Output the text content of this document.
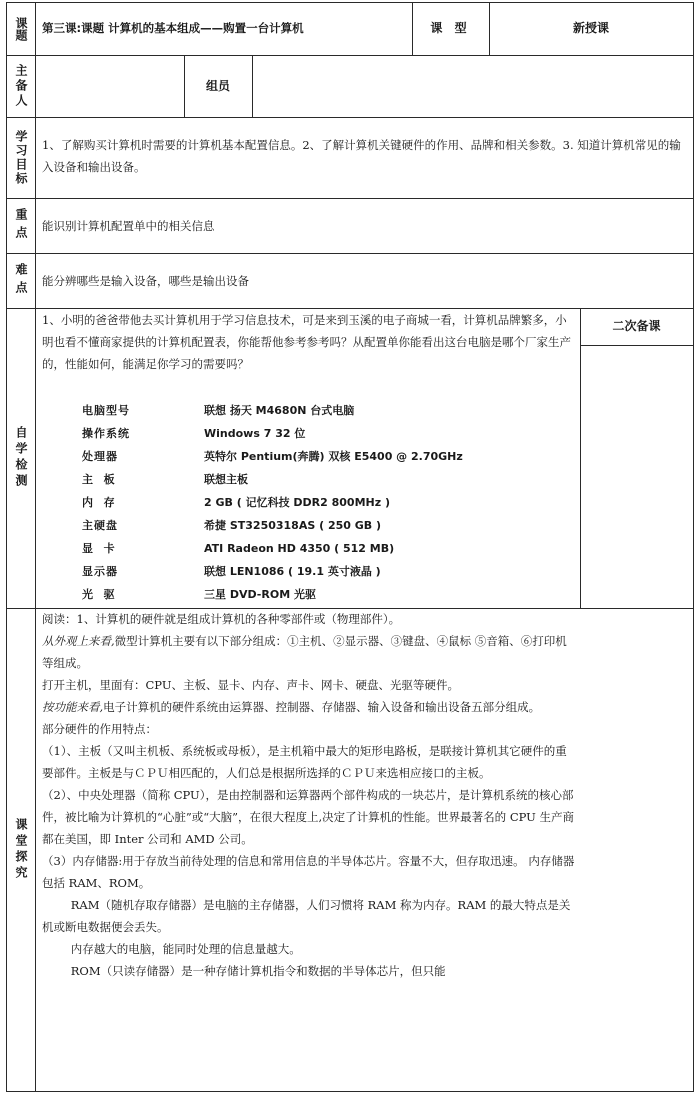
课题 第三课:课题 计算机的基本组成——购置一台计算机	课 型	新授课
主备人	组员
学习目标 1、了解购买计算机时需要的计算机基本配置信息。2、了解计算机关键硬件的作用、品牌和相关参数。3. 知道计算机常见的输入设备和输出设备。
重点 能识别计算机配置单中的相关信息
难点 能分辨哪些是输入设备，哪些是输出设备
自学检测
二次备课
1、小明的爸爸带他去买计算机用于学习信息技术，可是来到玉溪的电子商城一看，计算机品牌繁多，小明也看不懂商家提供的计算机配置表，你能帮他参考参考吗？从配置单你能看出这台电脑是哪个厂家生产的，性能如何，能满足你学习的需要吗？
电脑型号	联想 扬天 M4680N 台式电脑
操作系统	Windows 7 32 位
处理器	英特尔 Pentium(奔腾) 双核 E5400 @ 2.70GHz
主  板	联想主板
内  存	2 GB ( 记忆科技 DDR2 800MHz )
主硬盘	希捷 ST3250318AS ( 250 GB )
显  卡	ATI Radeon HD 4350 ( 512 MB)
显示器	联想 LEN1086 ( 19.1 英寸液晶 )
光  驱	三星 DVD-ROM 光驱
课堂探究

阅读：1、计算机的硬件就是组成计算机的各种零部件或（物理部件）。

从外观上来看,微型计算机主要有以下部分组成：①主机、②显示器、③键盘、④鼠标 ⑤音箱、⑥打印机等组成。

打开主机，里面有：CPU、主板、显卡、内存、声卡、网卡、硬盘、光驱等硬件。

按功能来看,电子计算机的硬件系统由运算器、控制器、存储器、输入设备和输出设备五部分组成。

部分硬件的作用特点：

（1）、主板（又叫主机板、系统板或母板），是主机箱中最大的矩形电路板，是联接计算机其它硬件的重要部件。主板是与ＣＰＵ相匹配的，人们总是根据所选择的ＣＰＵ来选相应接口的主板。

（2）、中央处理器（简称 CPU），是由控制器和运算器两个部件构成的一块芯片，是计算机系统的核心部件，被比喻为计算机的“心脏”或“大脑”，在很大程度上,决定了计算机的性能。世界最著名的 CPU 生产商都在美国，即 Inter 公司和 AMD 公司。

（3）内存储器:用于存放当前待处理的信息和常用信息的半导体芯片。容量不大，但存取迅速。 内存储器包括 RAM、ROM。

RAM（随机存取存储器）是电脑的主存储器，人们习惯将 RAM 称为内存。RAM 的最大特点是关机或断电数据便会丢失。

内存越大的电脑，能同时处理的信息量越大。

ROM（只读存储器）是一种存储计算机指令和数据的半导体芯片，但只能
